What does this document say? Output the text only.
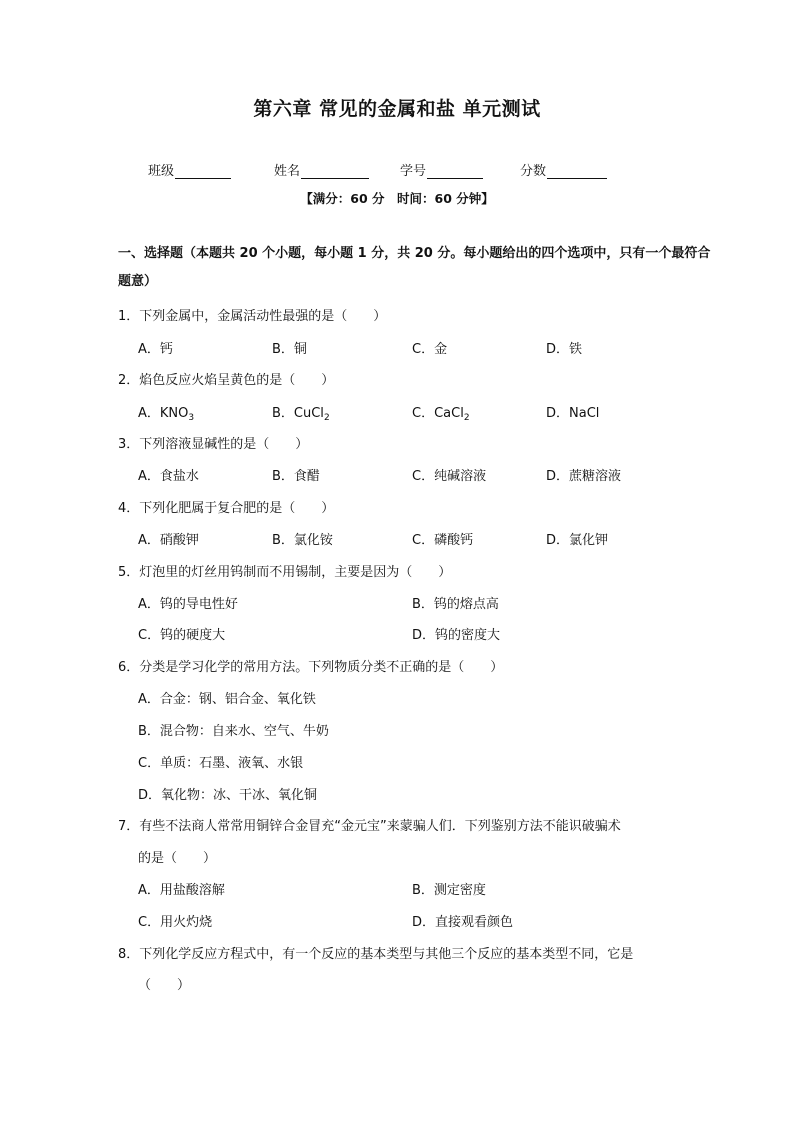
第六章 常见的金属和盐 单元测试
班级	姓名	学号	分数
【满分：60 分　时间：60 分钟】
一、选择题（本题共 20 个小题，每小题 1 分，共 20 分。每小题给出的四个选项中，只有一个最符合题意）
1．下列金属中，金属活动性最强的是（　　）
A．钙	B．铜	C．金	D．铁
2．焰色反应火焰呈黄色的是（　　）
A．$KNO_3$	B．CuCl$_2$	C．CaCl$_2$	D．NaCl
3．下列溶液显碱性的是（　　）
A．食盐水	B．食醋	C．纯碱溶液	D．蔗糖溶液
4．下列化肥属于复合肥的是（　　）
A．硝酸钾	B．氯化铵	C．磷酸钙	D．氯化钾
5．灯泡里的灯丝用钨制而不用锡制，主要是因为（　　）
A．钨的导电性好	B．钨的熔点高
C．钨的硬度大	D．钨的密度大
6．分类是学习化学的常用方法。下列物质分类不正确的是（　　）
A．合金：钢、铝合金、氧化铁
B．混合物：自来水、空气、牛奶
C．单质：石墨、液氧、水银
D．氧化物：冰、干冰、氧化铜
7．有些不法商人常常用铜锌合金冒充“金元宝”来蒙骗人们．下列鉴别方法不能识破骗术
的是（　　）
A．用盐酸溶解	B．测定密度
C．用火灼烧	D．直接观看颜色
8．下列化学反应方程式中，有一个反应的基本类型与其他三个反应的基本类型不同，它是
（　　）
